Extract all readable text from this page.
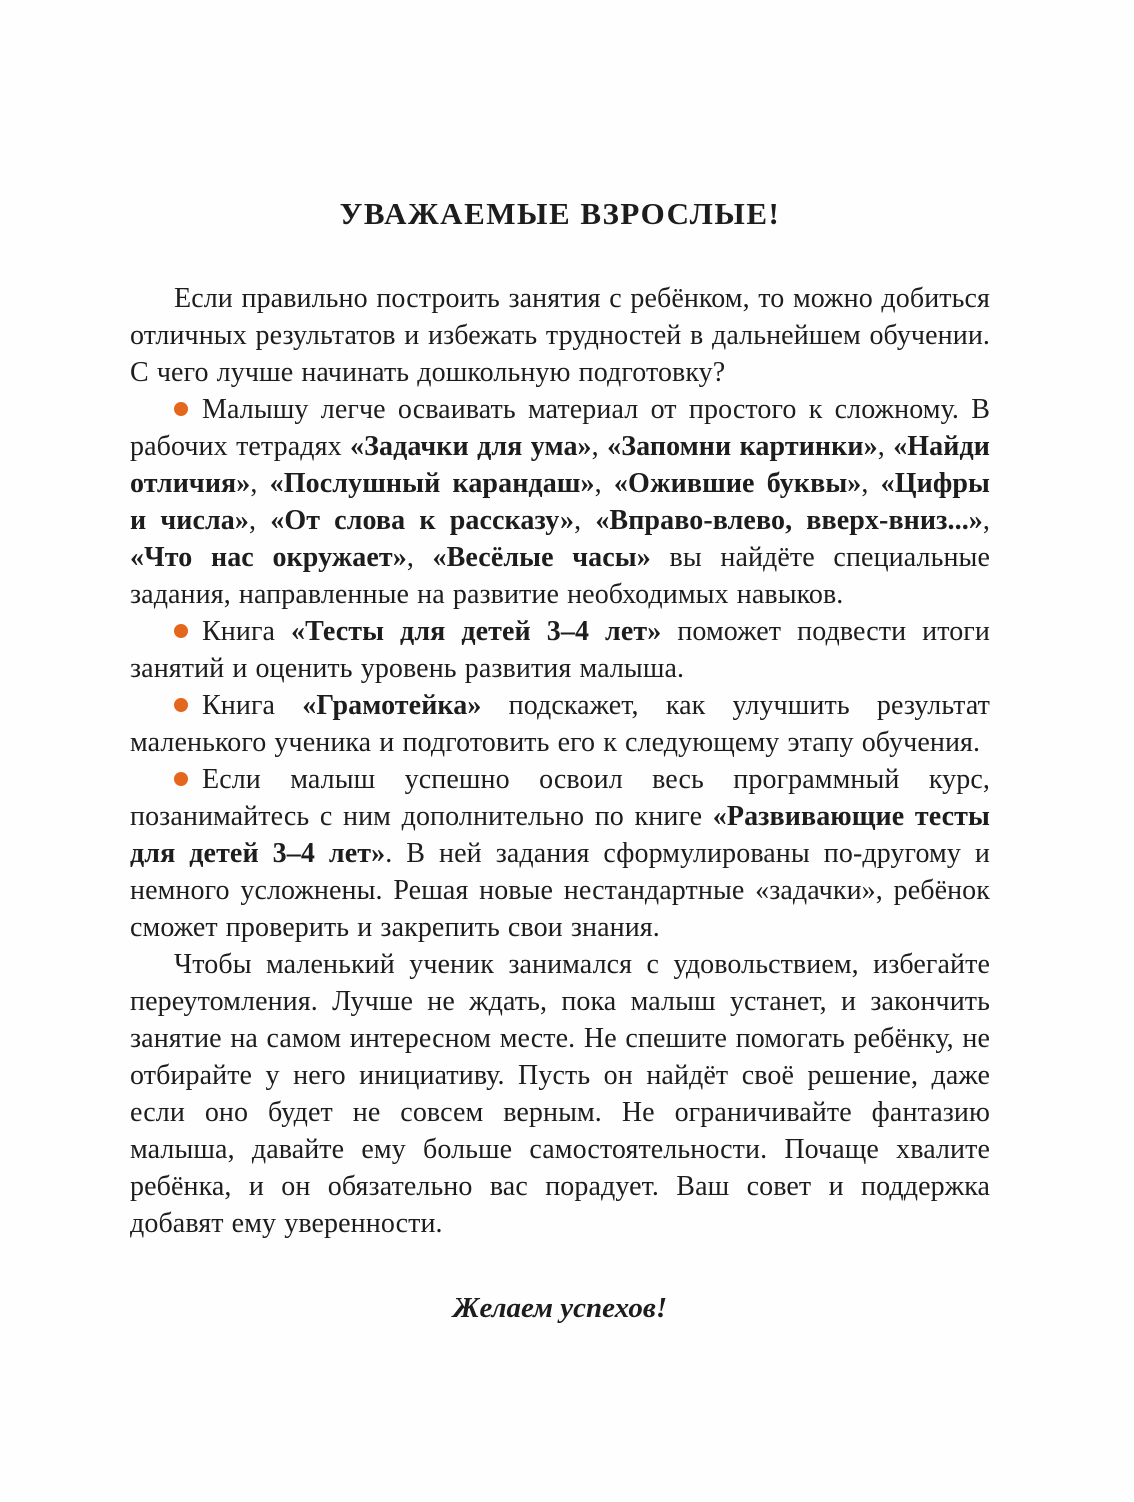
УВАЖАЕМЫЕ ВЗРОСЛЫЕ!

Если правильно построить занятия с ребёнком, то можно добиться отличных результатов и избежать трудностей в дальнейшем обучении. С чего лучше начинать дошкольную подготовку?

Малышу легче осваивать материал от простого к сложному. В рабочих тетрадях «Задачки для ума», «Запомни картинки», «Найди отличия», «Послушный карандаш», «Ожившие буквы», «Цифры и числа», «От слова к рассказу», «Вправо-влево, вверх-вниз...», «Что нас окружает», «Весёлые часы» вы найдёте специальные задания, направленные на развитие необходимых навыков.

Книга «Тесты для детей 3–4 лет» поможет подвести итоги занятий и оценить уровень развития малыша.

Книга «Грамотейка» подскажет, как улучшить результат маленького ученика и подготовить его к следующему этапу обучения.

Если малыш успешно освоил весь программный курс, позанимайтесь с ним дополнительно по книге «Развивающие тесты для детей 3–4 лет». В ней задания сформулированы по-другому и немного усложнены. Решая новые нестандартные «задачки», ребёнок сможет проверить и закрепить свои знания.

Чтобы маленький ученик занимался с удовольствием, избегайте переутомления. Лучше не ждать, пока малыш устанет, и закончить занятие на самом интересном месте. Не спешите помогать ребёнку, не отбирайте у него инициативу. Пусть он найдёт своё решение, даже если оно будет не совсем верным. Не ограничивайте фантазию малыша, давайте ему больше самостоятельности. Почаще хвалите ребёнка, и он обязательно вас порадует. Ваш совет и поддержка добавят ему уверенности.

Желаем успехов!
